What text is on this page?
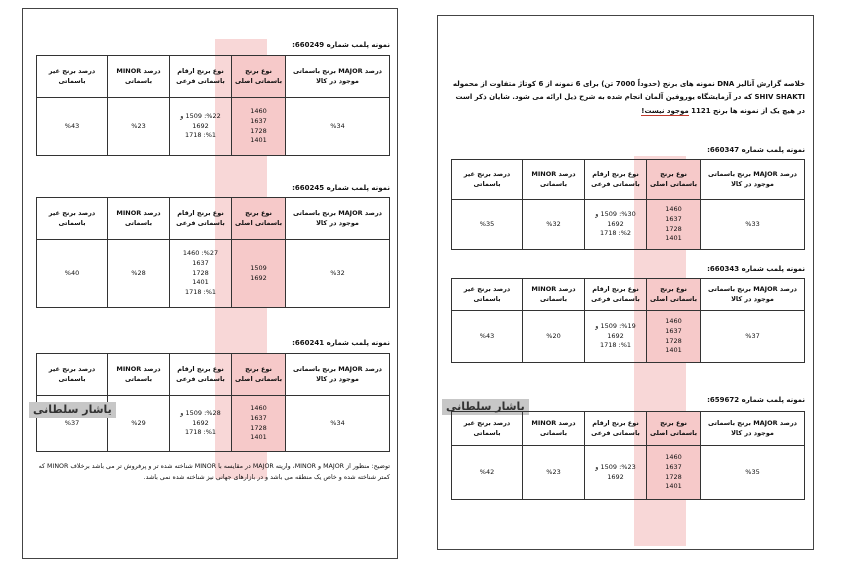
نمونه پلمب شماره 660249:
درصد MAJOR برنج باسماتی موجود در کالا	نوع برنج باسماتی اصلی	نوع برنج ارقام باسماتی فرعی	درصد MINOR باسماتی	درصد برنج غیر باسماتی
%34	1460
1637
1728
1401	%22: 1509 و
1692
%1: 1718	%23	%43
نمونه پلمب شماره 660245:
درصد MAJOR برنج باسماتی موجود در کالا	نوع برنج باسماتی اصلی	نوع برنج ارقام باسماتی فرعی	درصد MINOR باسماتی	درصد برنج غیر باسماتی
%32	1509
1692	%27: 1460
1637
1728
1401
%1: 1718	%28	%40
نمونه پلمب شماره 660241:
درصد MAJOR برنج باسماتی موجود در کالا	نوع برنج باسماتی اصلی	نوع برنج ارقام باسماتی فرعی	درصد MINOR باسماتی	درصد برنج غیر باسماتی
%34	1460
1637
1728
1401	%28: 1509 و
1692
%1: 1718	%29	%37
یاشار سلطانی
توضیح: منظور از MAJOR و MINOR، واریته MAJOR در مقایسه با MINOR شناخته شده تر و پرفروش تر می باشد برخلاف MINOR که کمتر شناخته شده و خاص یک منطقه می باشد و در بازارهای جهانی نیز شناخته شده نمی باشد.
خلاصه گزارش آنالیز DNA نمونه های برنج (حدوداً 7000 تن) برای 6 نمونه از 6 کوتاژ متفاوت از محموله SHIV SHAKTI که در آزمایشگاه یوروفین آلمان انجام شده به شرح ذیل ارائه می شود. شایان ذکر است در هیچ یک از نمونه ها برنج 1121 موجود نیست!
نمونه پلمب شماره 660347:
درصد MAJOR برنج باسماتی موجود در کالا	نوع برنج باسماتی اصلی	نوع برنج ارقام باسماتی فرعی	درصد MINOR باسماتی	درصد برنج غیر باسماتی
%33	1460
1637
1728
1401	%30: 1509 و
1692
%2: 1718	%32	%35
نمونه پلمب شماره 660343:
درصد MAJOR برنج باسماتی موجود در کالا	نوع برنج باسماتی اصلی	نوع برنج ارقام باسماتی فرعی	درصد MINOR باسماتی	درصد برنج غیر باسماتی
%37	1460
1637
1728
1401	%19: 1509 و
1692
%1: 1718	%20	%43
یاشار سلطانی	نمونه پلمب شماره 659672:
درصد MAJOR برنج باسماتی موجود در کالا	نوع برنج باسماتی اصلی	نوع برنج ارقام باسماتی فرعی	درصد MINOR باسماتی	درصد برنج غیر باسماتی
%35	1460
1637
1728
1401	%23: 1509 و
1692	%23	%42
